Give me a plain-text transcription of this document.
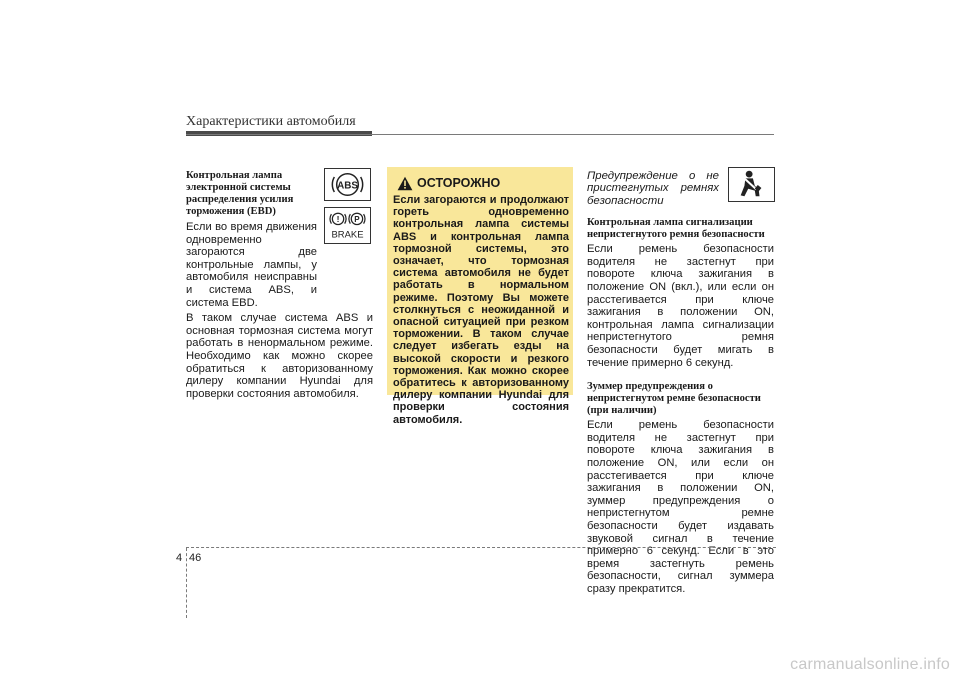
Характеристики автомобиля

Контрольная лампа электронной системы распределения усилия торможения (EBD)

Если во время движения одновременно загораются две контрольные лампы, у автомобиля неисправны и система ABS, и система EBD.

В таком случае система ABS и основная тормозная система могут работать в ненормальном режиме. Необходимо как можно скорее обратиться к авторизованному дилеру компании Hyundai для проверки состояния автомобиля.

ABS
! P
BRAKE
ОСТОРОЖНО

Если загораются и продолжают гореть одновременно контрольная лампа системы ABS и контрольная лампа тормозной системы, это означает, что тормозная система автомобиля не будет работать в нормальном режиме. Поэтому Вы можете столкнуться с неожиданной и опасной ситуацией при резком торможении. В таком случае следует избегать езды на высокой скорости и резкого торможения. Как можно скорее обратитесь к авторизованному дилеру компании Hyundai для проверки состояния автомобиля.

Предупреждение о не пристегнутых ремнях безопасности

Контрольная лампа сигнализации непристегнутого ремня безопасности

Если ремень безопасности водителя не застегнут при повороте ключа зажигания в положение ON (вкл.), или если он расстегивается при ключе зажигания в положении ON, контрольная лампа сигнализации непристегнутого ремня безопасности будет мигать в течение примерно 6 секунд.

Зуммер предупреждения о непристегнутом ремне безопасности (при наличии)

Если ремень безопасности водителя не застегнут при повороте ключа зажигания в положение ON, или если он расстегивается при ключе зажигания в положении ON, зуммер предупреждения о непристегнутом ремне безопасности будет издавать звуковой сигнал в течение примерно 6 секунд. Если в это время застегнуть ремень безопасности, сигнал зуммера сразу прекратится.

4 46
carmanualsonline.info
